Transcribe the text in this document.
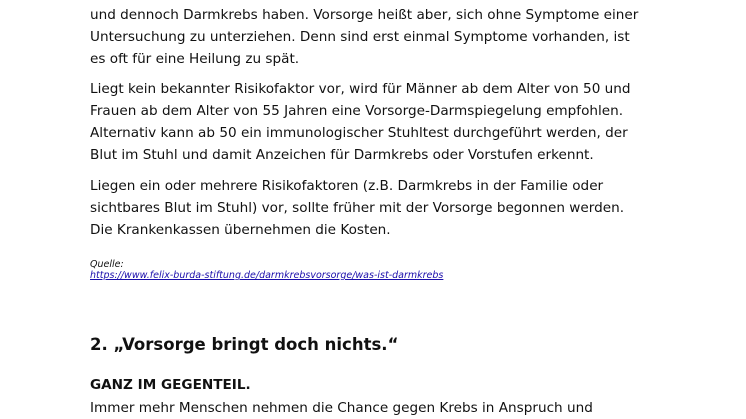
und dennoch Darmkrebs haben. Vorsorge heißt aber, sich ohne Symptome einer
Untersuchung zu unterziehen. Denn sind erst einmal Symptome vorhanden, ist
es oft für eine Heilung zu spät.

Liegt kein bekannter Risikofaktor vor, wird für Männer ab dem Alter von 50 und
Frauen ab dem Alter von 55 Jahren eine Vorsorge-Darmspiegelung empfohlen.
Alternativ kann ab 50 ein immunologischer Stuhltest durchgeführt werden, der
Blut im Stuhl und damit Anzeichen für Darmkrebs oder Vorstufen erkennt.

Liegen ein oder mehrere Risikofaktoren (z.B. Darmkrebs in der Familie oder
sichtbares Blut im Stuhl) vor, sollte früher mit der Vorsorge begonnen werden.
Die Krankenkassen übernehmen die Kosten.

Quelle:
https://www.felix-burda-stiftung.de/darmkrebsvorsorge/was-ist-darmkrebs
2. „Vorsorge bringt doch nichts.“
GANZ IM GEGENTEIL.

Immer mehr Menschen nehmen die Chance gegen Krebs in Anspruch und
